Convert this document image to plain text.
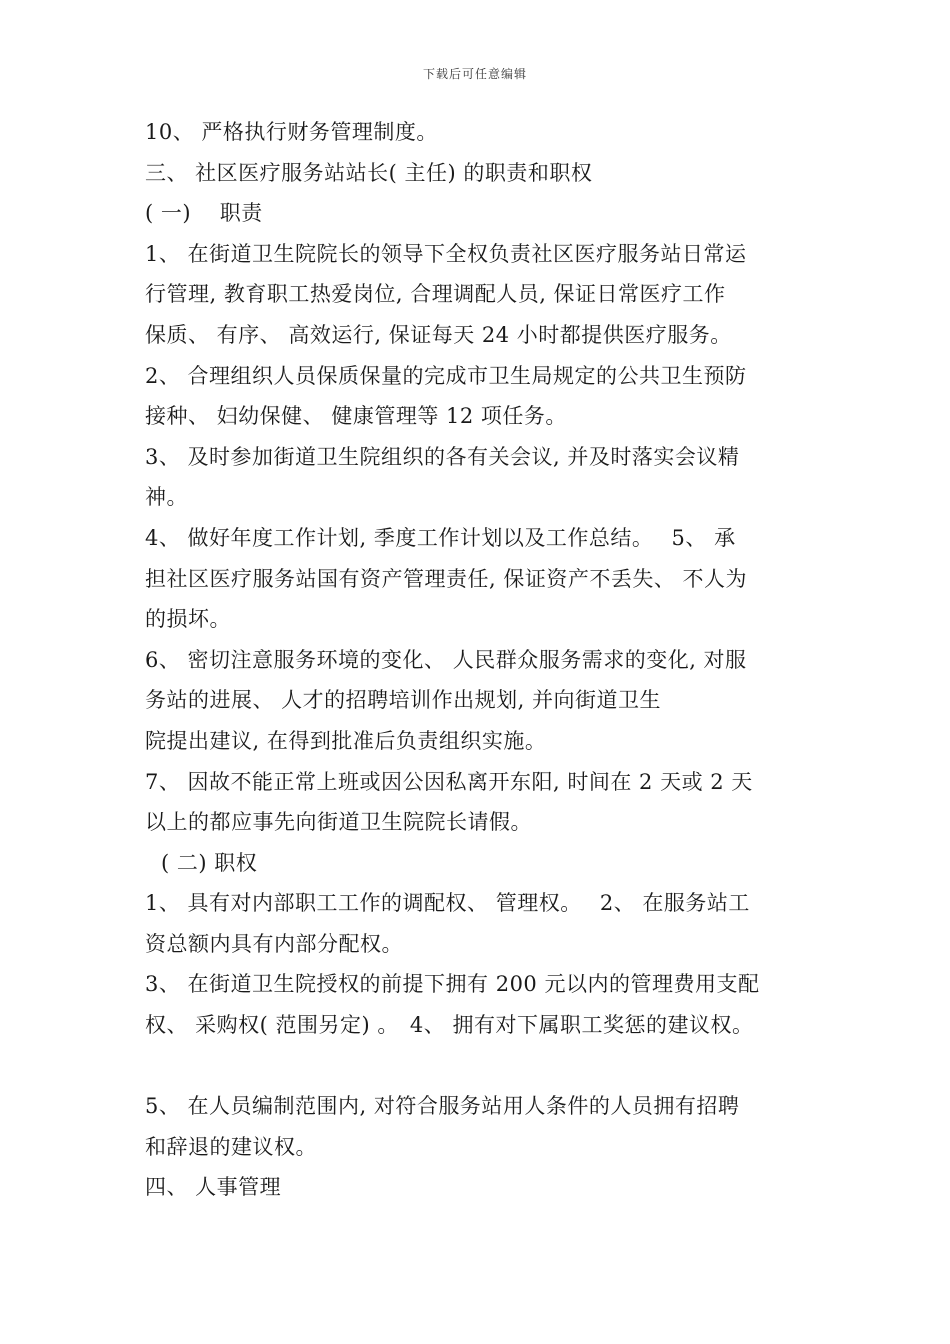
下载后可任意编辑
10、 严格执行财务管理制度。
三、 社区医疗服务站站长( 主任) 的职责和职权
( 一)　 职责
1、 在街道卫生院院长的领导下全权负责社区医疗服务站日常运
行管理, 教育职工热爱岗位, 合理调配人员, 保证日常医疗工作
保质、 有序、 高效运行, 保证每天 24 小时都提供医疗服务。
2、 合理组织人员保质保量的完成市卫生局规定的公共卫生预防
接种、 妇幼保健、 健康管理等 12 项任务。
3、 及时参加街道卫生院组织的各有关会议, 并及时落实会议精
神。
4、 做好年度工作计划, 季度工作计划以及工作总结。　 5、 承
担社区医疗服务站国有资产管理责任, 保证资产不丢失、 不人为
的损坏。
6、 密切注意服务环境的变化、 人民群众服务需求的变化, 对服
务站的进展、 人才的招聘培训作出规划, 并向街道卫生
院提出建议, 在得到批准后负责组织实施。
7、 因故不能正常上班或因公因私离开东阳, 时间在 2 天或 2 天
以上的都应事先向街道卫生院院长请假。
( 二) 职权
1、 具有对内部职工工作的调配权、 管理权。　 2、 在服务站工
资总额内具有内部分配权。
3、 在街道卫生院授权的前提下拥有 200 元以内的管理费用支配
权、 采购权( 范围另定) 。　4、 拥有对下属职工奖惩的建议权。
5、 在人员编制范围内, 对符合服务站用人条件的人员拥有招聘
和辞退的建议权。
四、 人事管理
